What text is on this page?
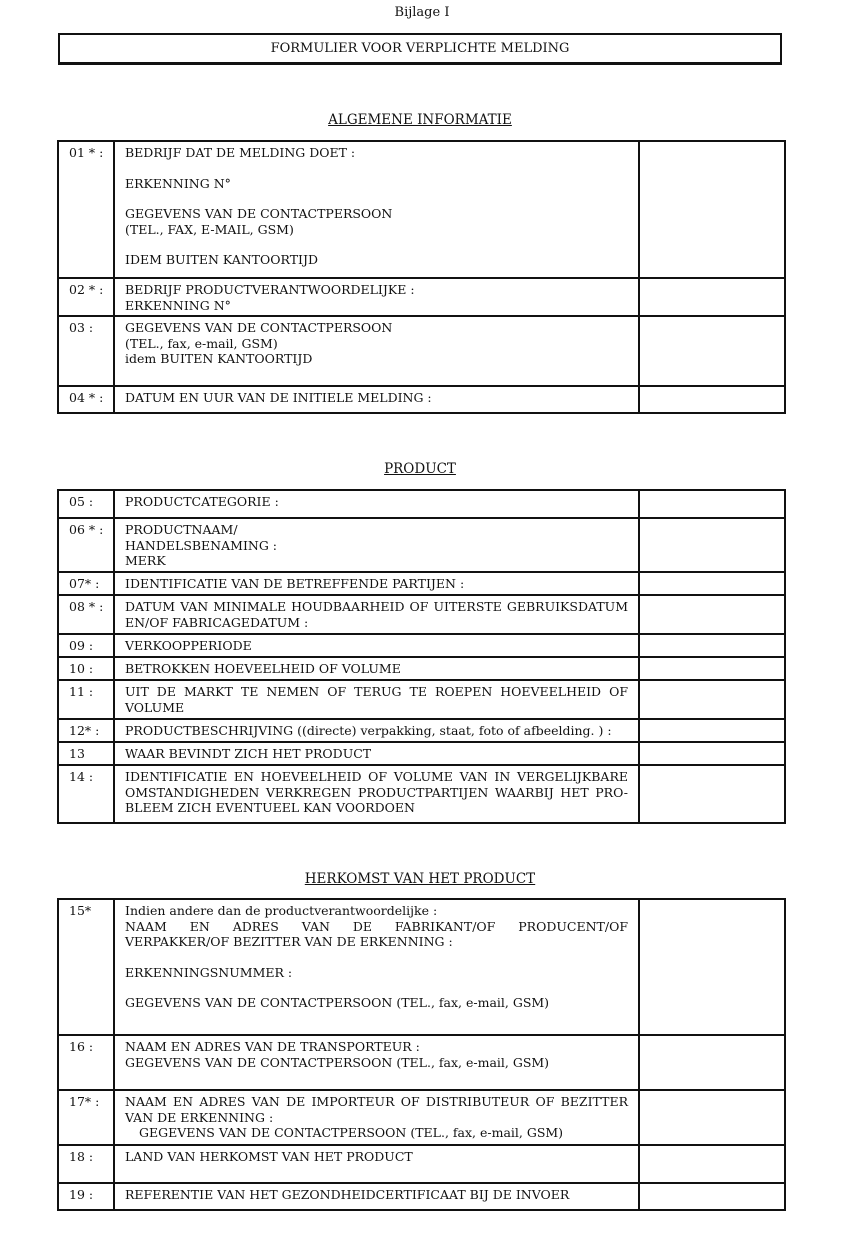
Bijlage I
FORMULIER VOOR VERPLICHTE MELDING
ALGEMENE INFORMATIE
01 * :	BEDRIJF DAT DE MELDING DOET :
ERKENNING N°
GEGEVENS VAN DE CONTACTPERSOON
(TEL., FAX, E-MAIL, GSM)
IDEM BUITEN KANTOORTIJD	

02 * :	BEDRIJF PRODUCTVERANTWOORDELIJKE :
ERKENNING N°	

03 :	GEGEVENS VAN DE CONTACTPERSOON
(TEL., fax, e-mail, GSM)
idem BUITEN KANTOORTIJD	

04 * :	DATUM EN UUR VAN DE INITIELE MELDING :	

PRODUCT
05 :	PRODUCTCATEGORIE :	

06 * :	PRODUCTNAAM/
HANDELSBENAMING :
MERK	

07* :	IDENTIFICATIE VAN DE BETREFFENDE PARTIJEN :	

08 * :	DATUM VAN MINIMALE HOUDBAARHEID OF UITERSTE GEBRUIKSDATUM
EN/OF FABRICAGEDATUM :	

09 :	VERKOOPPERIODE	

10 :	BETROKKEN HOEVEELHEID OF VOLUME	

11 :	UIT DE MARKT TE NEMEN OF TERUG TE ROEPEN HOEVEELHEID OF
VOLUME	

12* :	PRODUCTBESCHRIJVING ((directe) verpakking, staat, foto of afbeelding. ) :	

13	WAAR BEVINDT ZICH HET PRODUCT	

14 :	IDENTIFICATIE EN HOEVEELHEID OF VOLUME VAN IN VERGELIJKBARE
OMSTANDIGHEDEN VERKREGEN PRODUCTPARTIJEN WAARBIJ HET PRO-
BLEEM ZICH EVENTUEEL KAN VOORDOEN	

HERKOMST VAN HET PRODUCT
15*	Indien andere dan de productverantwoordelijke :
NAAM EN ADRES VAN DE FABRIKANT/OF PRODUCENT/OF
VERPAKKER/OF BEZITTER VAN DE ERKENNING :
ERKENNINGSNUMMER :
GEGEVENS VAN DE CONTACTPERSOON (TEL., fax, e-mail, GSM)	

16 :	NAAM EN ADRES VAN DE TRANSPORTEUR :
GEGEVENS VAN DE CONTACTPERSOON (TEL., fax, e-mail, GSM)	

17* :	NAAM EN ADRES VAN DE IMPORTEUR OF DISTRIBUTEUR OF BEZITTER
VAN DE ERKENNING :
GEGEVENS VAN DE CONTACTPERSOON (TEL., fax, e-mail, GSM)	

18 :	LAND VAN HERKOMST VAN HET PRODUCT	

19 :	REFERENTIE VAN HET GEZONDHEIDCERTIFICAAT BIJ DE INVOER	
